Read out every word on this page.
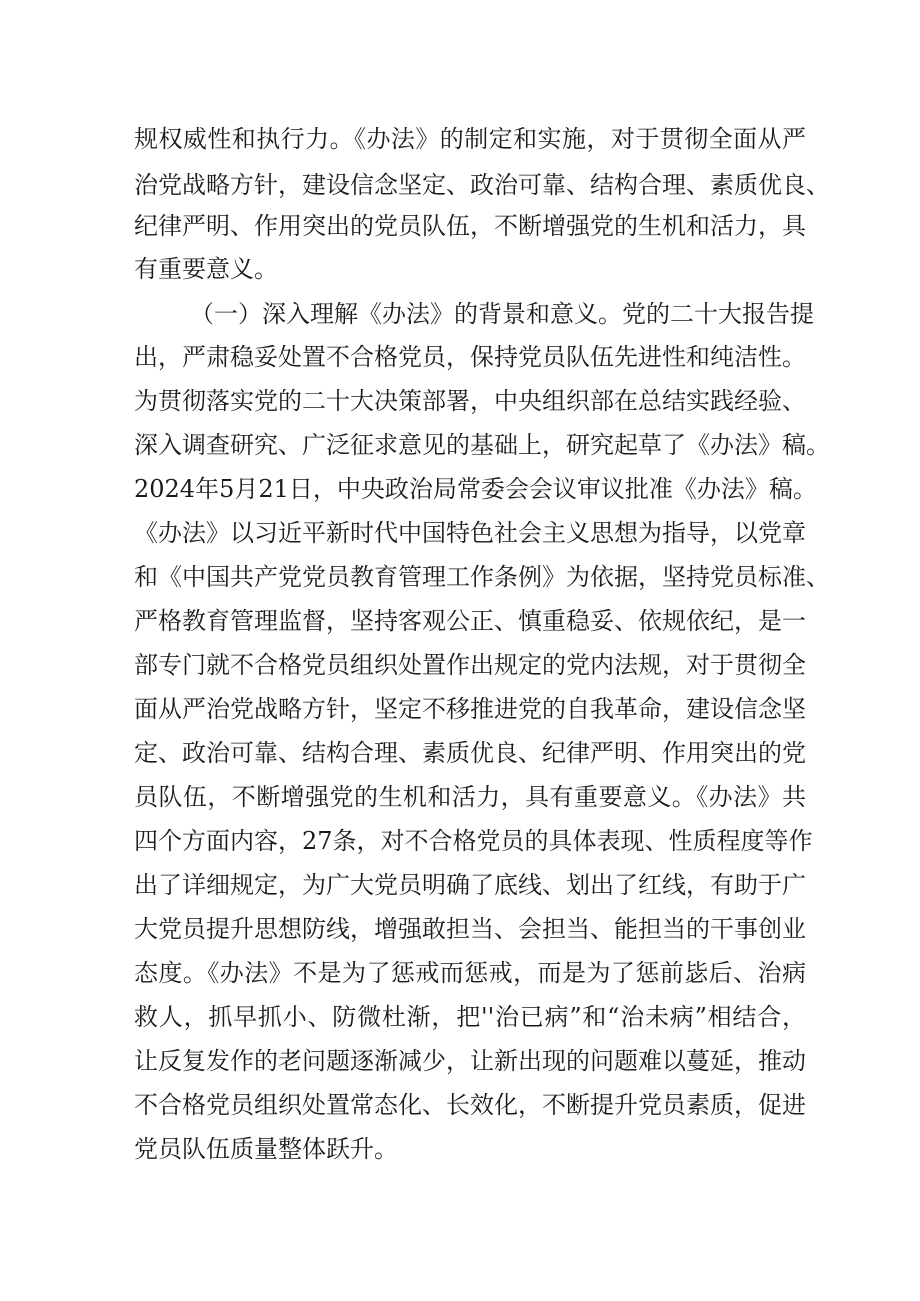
规权威性和执行力。《办法》的制定和实施，对于贯彻全面从严
治党战略方针，建设信念坚定、政治可靠、结构合理、素质优良、
纪律严明、作用突出的党员队伍，不断增强党的生机和活力，具
有重要意义。
（一）深入理解《办法》的背景和意义。党的二十大报告提
出，严肃稳妥处置不合格党员，保持党员队伍先进性和纯洁性。
为贯彻落实党的二十大决策部署，中央组织部在总结实践经验、
深入调查研究、广泛征求意见的基础上，研究起草了《办法》稿。
2024年5月21日，中央政治局常委会会议审议批准《办法》稿。
《办法》以习近平新时代中国特色社会主义思想为指导，以党章
和《中国共产党党员教育管理工作条例》为依据，坚持党员标准、
严格教育管理监督，坚持客观公正、慎重稳妥、依规依纪，是一
部专门就不合格党员组织处置作出规定的党内法规，对于贯彻全
面从严治党战略方针，坚定不移推进党的自我革命，建设信念坚
定、政治可靠、结构合理、素质优良、纪律严明、作用突出的党
员队伍，不断增强党的生机和活力，具有重要意义。《办法》共
四个方面内容，27条，对不合格党员的具体表现、性质程度等作
出了详细规定，为广大党员明确了底线、划出了红线，有助于广
大党员提升思想防线，增强敢担当、会担当、能担当的干事创业
态度。《办法》不是为了惩戒而惩戒，而是为了惩前毖后、治病
救人，抓早抓小、防微杜渐，把''治已病”和“治未病”相结合，
让反复发作的老问题逐渐减少，让新出现的问题难以蔓延，推动
不合格党员组织处置常态化、长效化，不断提升党员素质，促进
党员队伍质量整体跃升。
